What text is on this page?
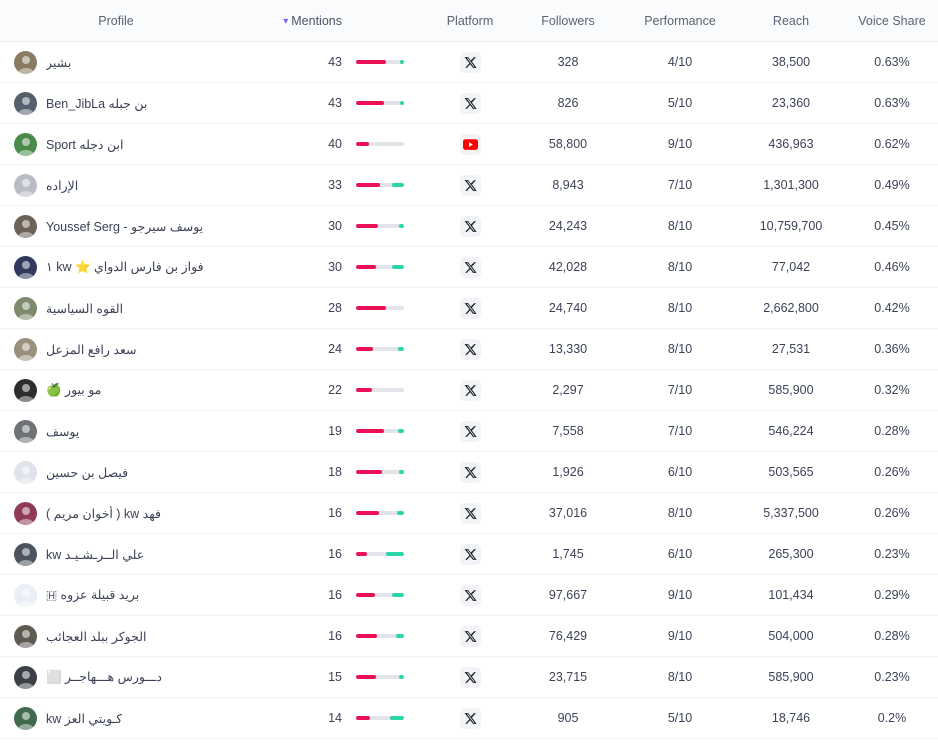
Profile	▾ Mentions	Platform	Followers	Performance	Reach	Voice Share
بشير	43	328	4/10	38,500	0.63%
بن جبله Ben_JibLa	43	826	5/10	23,360	0.63%
ابن دجله Sport	40	58,800	9/10	436,963	0.62%
الإراده	33	8,943	7/10	1,301,300	0.49%
يوسف سيرجو - Youssef Serg	30	24,243	8/10	10,759,700	0.45%
فواز بن فارس الدواي ⭐ kw ١	30	42,028	8/10	77,042	0.46%
القوه السياسية	28	24,740	8/10	2,662,800	0.42%
سعد رافع المزعل	24	13,330	8/10	27,531	0.36%
مو بيور 🍏	22	2,297	7/10	585,900	0.32%
يوسف	19	7,558	7/10	546,224	0.28%
فيصل بن حسين	18	1,926	6/10	503,565	0.26%
فهد kw ( أخوان مريم )	16	37,016	8/10	5,337,500	0.26%
علي الــرـشـيـد kw	16	1,745	6/10	265,300	0.23%
بريد قبيلة عزوه 🇭	16	97,667	9/10	101,434	0.29%
الجوكر ببلد العجائب	16	76,429	9/10	504,000	0.28%
دـــورس هـــهاجــر ⬜	15	23,715	8/10	585,900	0.23%
كـويتي العز kw	14	905	5/10	18,746	0.2%
